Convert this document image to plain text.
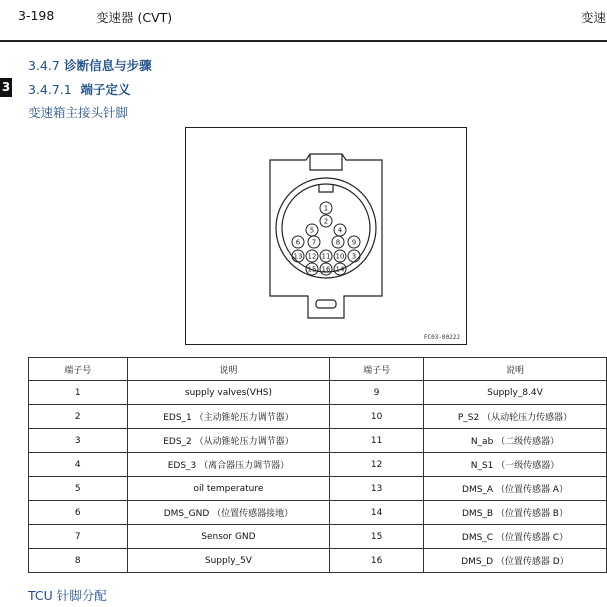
3-198	变速器 (CVT)	变速
3.4.7 诊断信息与步骤
3 3.4.7.1 端子定义
变速箱主接头针脚
1
2
4
5
6 7	8 9
13 12 11 10 3
15 16 14
FC03-0022J
端子号	说明	端子号	说明
1	supply valves(VHS)	9	Supply_8.4V
2	EDS_1 （主动锥轮压力调节器）	10	P_S2 （从动轮压力传感器）
3	EDS_2 （从动锥轮压力调节器）	11	N_ab （二级传感器）
4	EDS_3 （离合器压力调节器）	12	N_S1 （一级传感器）
5	oil temperature	13	DMS_A （位置传感器 A）
6	DMS_GND （位置传感器接地）	14	DMS_B （位置传感器 B）
7	Sensor GND	15	DMS_C （位置传感器 C）
8	Supply_5V	16	DMS_D （位置传感器 D）
TCU 针脚分配
